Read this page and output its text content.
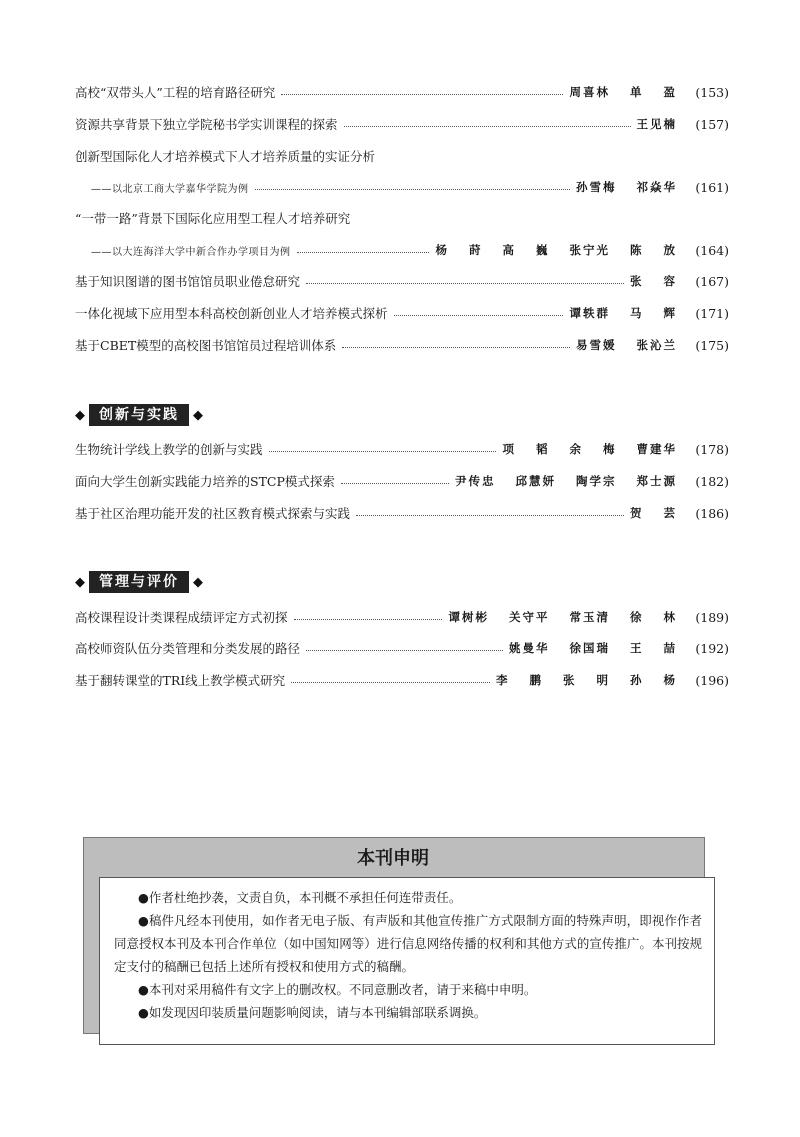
高校“双带头人”工程的培育路径研究	周喜林 单 盈	(153)
资源共享背景下独立学院秘书学实训课程的探索	王见楠	(157)
创新型国际化人才培养模式下人才培养质量的实证分析
——以北京工商大学嘉华学院为例	孙雪梅 祁焱华	(161)
“一带一路”背景下国际化应用型工程人才培养研究
——以大连海洋大学中新合作办学项目为例	杨 莳 高 巍 张宁光 陈 放	(164)
基于知识图谱的图书馆馆员职业倦怠研究	张 容	(167)
一体化视域下应用型本科高校创新创业人才培养模式探析	谭轶群 马 辉	(171)
基于CBET模型的高校图书馆馆员过程培训体系	易雪媛 张沁兰	(175)
◆	创新与实践	◆
生物统计学线上教学的创新与实践	项 韬 余 梅 曹建华	(178)
面向大学生创新实践能力培养的STCP模式探索	尹传忠 邱慧妍 陶学宗 郑士源	(182)
基于社区治理功能开发的社区教育模式探索与实践	贺 芸	(186)
◆	管理与评价	◆
高校课程设计类课程成绩评定方式初探	谭树彬 关守平 常玉清 徐 林	(189)
高校师资队伍分类管理和分类发展的路径	姚曼华 徐国瑞 王 喆	(192)
基于翻转课堂的TRI线上教学模式研究	李 鹏 张 明 孙 杨	(196)
本刊申明

●作者杜绝抄袭，文责自负，本刊概不承担任何连带责任。

●稿件凡经本刊使用，如作者无电子版、有声版和其他宣传推广方式限制方面的特殊声明，即视作作者同意授权本刊及本刊合作单位（如中国知网等）进行信息网络传播的权利和其他方式的宣传推广。本刊按规定支付的稿酬已包括上述所有授权和使用方式的稿酬。

●本刊对采用稿件有文字上的删改权。不同意删改者，请于来稿中申明。

●如发现因印装质量问题影响阅读，请与本刊编辑部联系调换。
